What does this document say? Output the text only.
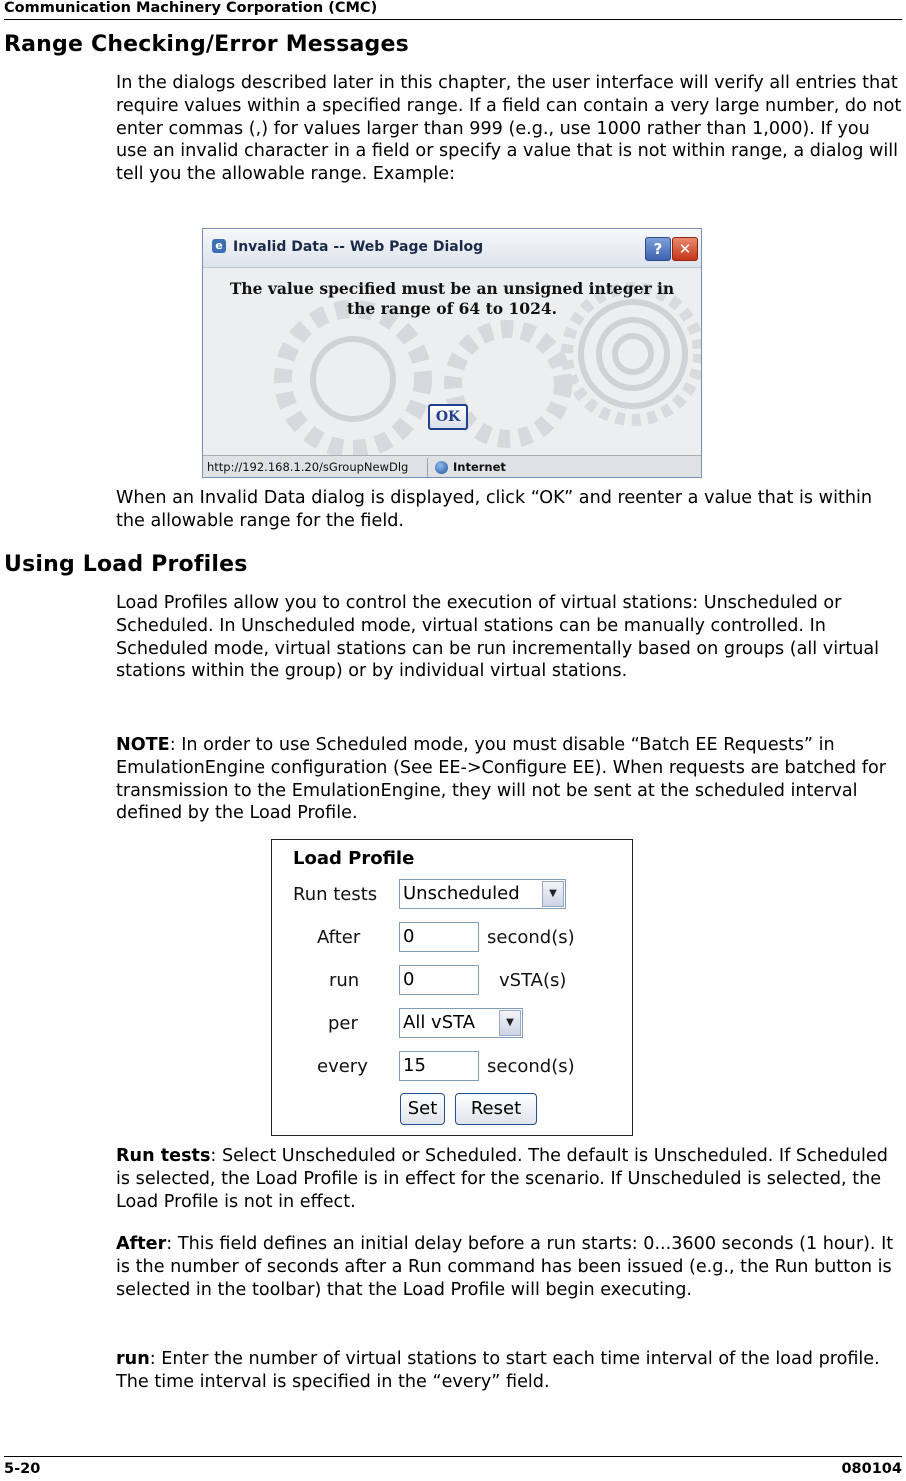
Communication Machinery Corporation (CMC)
Range Checking/Error Messages

In the dialogs described later in this chapter, the user interface will verify all entries that require values within a specified range. If a field can contain a very large number, do not enter commas (,) for values larger than 999 (e.g., use 1000 rather than 1,000). If you use an invalid character in a field or specify a value that is not within range, a dialog will tell you the allowable range. Example:

e Invalid Data -- Web Page Dialog	?	✕
The value specified must be an unsigned integer in the range of 64 to 1024.
OK
http://192.168.1.20/sGroupNewDlg	Internet

When an Invalid Data dialog is displayed, click “OK” and reenter a value that is within the allowable range for the field.

Using Load Profiles

Load Profiles allow you to control the execution of virtual stations: Unscheduled or Scheduled. In Unscheduled mode, virtual stations can be manually controlled. In Scheduled mode, virtual stations can be run incrementally based on groups (all virtual stations within the group) or by individual virtual stations.

NOTE: In order to use Scheduled mode, you must disable “Batch EE Requests” in EmulationEngine configuration (See EE->Configure EE). When requests are batched for transmission to the EmulationEngine, they will not be sent at the scheduled interval defined by the Load Profile.

Load Profile
Run tests Unscheduled	▼
After 0	second(s)
run 0	vSTA(s)
per	All vSTA	▼
every 15	second(s)
Set	Reset

Run tests: Select Unscheduled or Scheduled. The default is Unscheduled. If Scheduled is selected, the Load Profile is in effect for the scenario. If Unscheduled is selected, the Load Profile is not in effect.

After: This field defines an initial delay before a run starts: 0...3600 seconds (1 hour). It is the number of seconds after a Run command has been issued (e.g., the Run button is selected in the toolbar) that the Load Profile will begin executing.

run: Enter the number of virtual stations to start each time interval of the load profile. The time interval is specified in the “every” field.

5-20	080104
